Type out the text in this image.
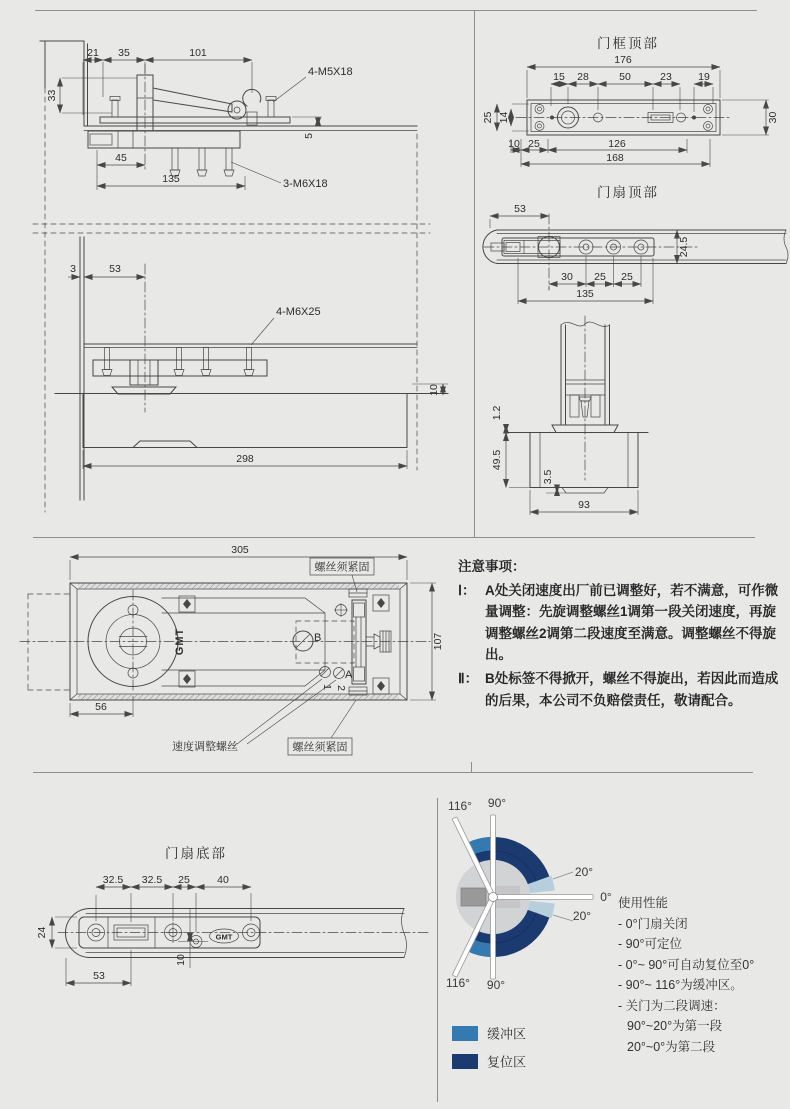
21 35	101
33
45
135
5
4-M5X18
3-M6X18
3	53
4-M6X25
10
298
门框顶部
176
15 28	50	23	19
25 14	30
10 25	126
168
门扇顶部
53
24.5
30 25 25
135
1.2
49.5
3.5
93
305
GMT	B
1 2
A
107
56
螺丝须紧固
速度调整螺丝	螺丝须紧固
注意事项：
Ⅰ： A处关闭速度出厂前已调整好，若不满意，可作微量调整：先旋调整螺丝1调第一段关闭速度，再旋调整螺丝2调第二段速度至满意。调整螺丝不得旋出。
Ⅱ： B处标签不得掀开，螺丝不得旋出，若因此而造成的后果，本公司不负赔偿责任，敬请配合。
门扇底部
GMT
32.5 32.5 25	40
24
10
53
116° 90°
20°
0°
20°
116° 90°
缓冲区
复位区
使用性能
- 0°门扇关闭
- 90°可定位
- 0°~ 90°可自动复位至0°
- 90°~ 116°为缓冲区。
- 关门为二段调速：
90°~20°为第一段
20°~0°为第二段
